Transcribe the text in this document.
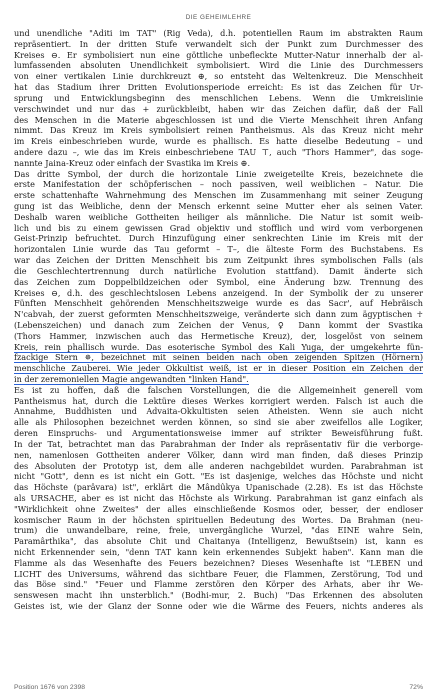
DIE GEHEIMLEHRE

und unendliche "Aditi im TAT" (Rig Veda), d.h. potentiellen Raum im abstrakten Raum
repräsentiert. In der dritten Stufe verwandelt sich der Punkt zum Durchmesser des
Kreises ⊖. Er symbolisiert nun eine göttliche unbefleckte Mutter-Natur innerhalb der al-
lumfassenden absoluten Unendlichkeit symbolisiert. Wird die Linie des Durchmessers
von einer vertikalen Linie durchkreuzt ⊕, so entsteht das Weltenkreuz. Die Menschheit
hat das Stadium ihrer Dritten Evolutionsperiode erreicht: Es ist das Zeichen für Ur-
sprung und Entwicklungsbeginn des menschlichen Lebens. Wenn die Umkreislinie
verschwindet und nur das + zurückbleibt, haben wir das Zeichen dafür, daß der Fall
des Menschen in die Materie abgeschlossen ist und die Vierte Menschheit ihren Anfang
nimmt. Das Kreuz im Kreis symbolisiert reinen Pantheismus. Als das Kreuz nicht mehr
im Kreis einbeschrieben wurde, wurde es phallisch. Es hatte dieselbe Bedeutung – und
andere dazu –, wie das im Kreis einbeschriebene TAU ⊤, auch "Thors Hammer", das soge-
nannte Jaina-Kreuz oder einfach der Svastika im Kreis ⊕.

Das dritte Symbol, der durch die horizontale Linie zweigeteilte Kreis, bezeichnete die
erste Manifestation der schöpferischen – noch passiven, weil weiblichen – Natur. Die
erste schattenhafte Wahrnehmung des Menschen im Zusammenhang mit seiner Zeugung
gung ist das Weibliche, denn der Mensch erkennt seine Mutter eher als seinen Vater.
Deshalb waren weibliche Gottheiten heiliger als männliche. Die Natur ist somit weib-
lich und bis zu einem gewissen Grad objektiv und stofflich und wird vom verborgenen
Geist-Prinzip befruchtet. Durch Hinzufügung einer senkrechten Linie im Kreis mit der
horizontalen Linie wurde das Tau geformt – T–, die älteste Form des Buchstabens. Es
war das Zeichen der Dritten Menschheit bis zum Zeitpunkt ihres symbolischen Falls (als
die Geschlechtertrennung durch natürliche Evolution stattfand). Damit änderte sich
das Zeichen zum Doppelbildzeichen oder Symbol, eine Änderung bzw. Trennung des
Kreises ⊖, d.h. des geschlechtslosen Lebens anzeigend. In der Symbolik der zu unserer
Fünften Menschheit gehörenden Menschheitszweige wurde es das Sacr', auf Hebräisch
N'cabvah, der zuerst geformten Menschheitszweige, veränderte sich dann zum ägyptischen ☥
(Lebenszeichen) und danach zum Zeichen der Venus, ♀ Dann kommt der Svastika
(Thors Hammer, inzwischen auch das Hermetische Kreuz), der, losgelöst von seinem
Kreis, rein phallisch wurde. Das esoterische Symbol des Kali Yuga, der umgekehrte fün-
fzackige Stern ✵, bezeichnet mit seinen beiden nach oben zeigenden Spitzen (Hörnern)
menschliche Zauberei. Wie jeder Okkultist weiß, ist er in dieser Position ein Zeichen der
in der zeremoniellen Magie angewandten "linken Hand".

Es ist zu hoffen, daß die falschen Vorstellungen, die die Allgemeinheit generell vom
Pantheismus hat, durch die Lektüre dieses Werkes korrigiert werden. Falsch ist auch die
Annahme, Buddhisten und Advaita-Okkultisten seien Atheisten. Wenn sie auch nicht
alle als Philosophen bezeichnet werden können, so sind sie aber zweifellos alle Logiker,
deren Einspruchs- und Argumentationsweise immer auf strikter Beweisführung fußt.
In der Tat, betrachtet man das Parabrahman der Inder als repräsentativ für die verborge-
nen, namenlosen Gottheiten anderer Völker, dann wird man finden, daß dieses Prinzip
des Absoluten der Prototyp ist, dem alle anderen nachgebildet wurden. Parabrahman ist
nicht "Gott", denn es ist nicht ein Gott. "Es ist dasjenige, welches das Höchste und nicht
das Höchste (parâvara) ist", erklärt die Mândûkya Upanischade (2.28). Es ist das Höchste
als URSACHE, aber es ist nicht das Höchste als Wirkung. Parabrahman ist ganz einfach als
"Wirklichkeit ohne Zweites" der alles einschließende Kosmos oder, besser, der endloser
kosmischer Raum in der höchsten spirituellen Bedeutung des Wortes. Da Brahman (neu-
trum) die unwandelbare, reine, freie, unvergängliche Wurzel, "das EINE wahre Sein,
Paramârthika", das absolute Chit und Chaitanya (Intelligenz, Bewußtsein) ist, kann es
nicht Erkennender sein, "denn TAT kann kein erkennendes Subjekt haben". Kann man die
Flamme als das Wesenhafte des Feuers bezeichnen? Dieses Wesenhafte ist "LEBEN und
LICHT des Universums, während das sichtbare Feuer, die Flammen, Zerstörung, Tod und
das Böse sind." "Feuer und Flamme zerstören den Körper des Arhats, aber ihr We-
senswesen macht ihn unsterblich." (Bodhi-mur, 2. Buch) "Das Erkennen des absoluten
Geistes ist, wie der Glanz der Sonne oder wie die Wärme des Feuers, nichts anderes als

Position 1676 von 2398	72%
